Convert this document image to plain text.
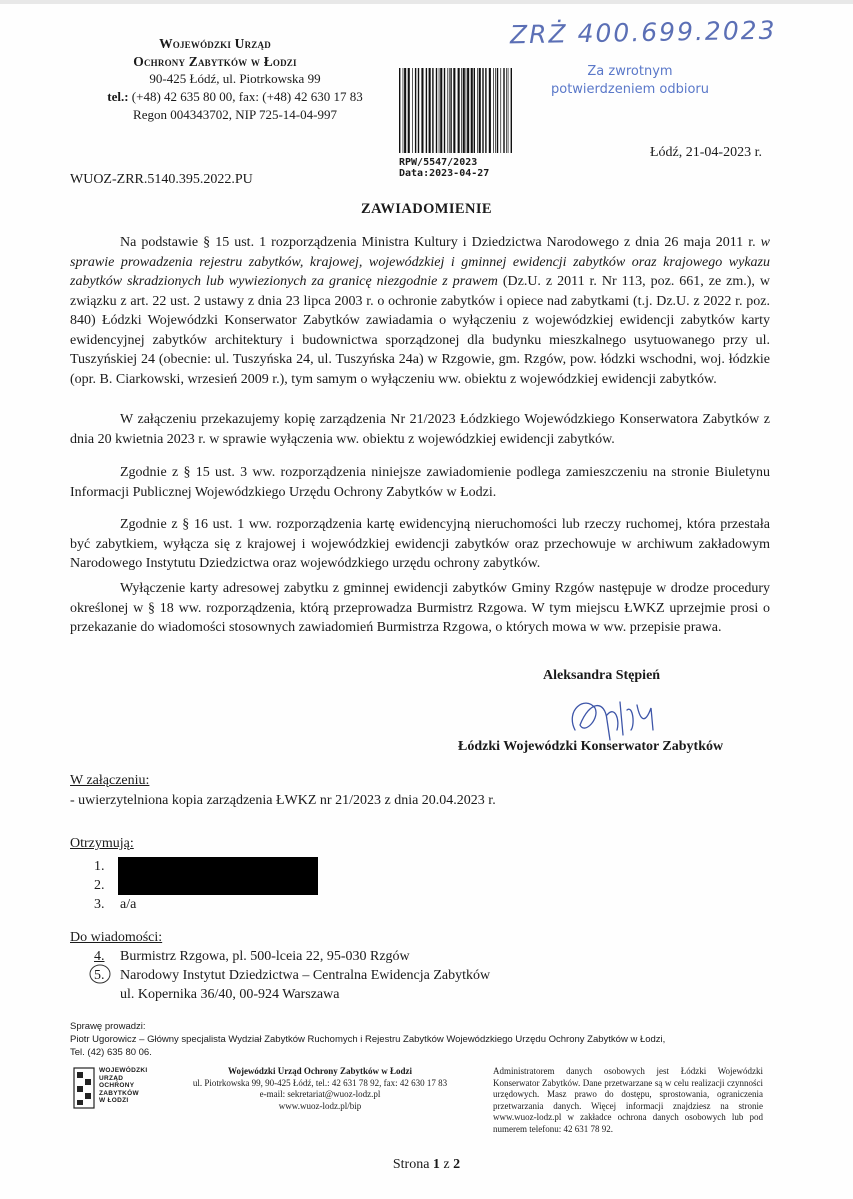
Wojewódzki Urząd
Ochrony Zabytków w Łodzi
90-425 Łódź, ul. Piotrkowska 99
tel.: (+48) 42 635 80 00, fax: (+48) 42 630 17 83
Regon 004343702, NIP 725-14-04-997
ZRŻ 400.699.2023
Za zwrotnym
potwierdzeniem odbioru
RPW/5547/2023
Data:2023-04-27
Łódź, 21-04-2023 r.
WUOZ-ZRR.5140.395.2022.PU
ZAWIADOMIENIE
Na podstawie § 15 ust. 1 rozporządzenia Ministra Kultury i Dziedzictwa Narodowego z dnia 26 maja 2011 r. w sprawie prowadzenia rejestru zabytków, krajowej, wojewódzkiej i gminnej ewidencji zabytków oraz krajowego wykazu zabytków skradzionych lub wywiezionych za granicę niezgodnie z prawem (Dz.U. z 2011 r. Nr 113, poz. 661, ze zm.), w związku z art. 22 ust. 2 ustawy z dnia 23 lipca 2003 r. o ochronie zabytków i opiece nad zabytkami (t.j. Dz.U. z 2022 r. poz. 840) Łódzki Wojewódzki Konserwator Zabytków zawiadamia o wyłączeniu z wojewódzkiej ewidencji zabytków karty ewidencyjnej zabytków architektury i budownictwa sporządzonej dla budynku mieszkalnego usytuowanego przy ul. Tuszyńskiej 24 (obecnie: ul. Tuszyńska 24, ul. Tuszyńska 24a) w Rzgowie, gm. Rzgów, pow. łódzki wschodni, woj. łódzkie (opr. B. Ciarkowski, wrzesień 2009 r.), tym samym o wyłączeniu ww. obiektu z wojewódzkiej ewidencji zabytków.
W załączeniu przekazujemy kopię zarządzenia Nr 21/2023 Łódzkiego Wojewódzkiego Konserwatora Zabytków z dnia 20 kwietnia 2023 r. w sprawie wyłączenia ww. obiektu z wojewódzkiej ewidencji zabytków.
Zgodnie z § 15 ust. 3 ww. rozporządzenia niniejsze zawiadomienie podlega zamieszczeniu na stronie Biuletynu Informacji Publicznej Wojewódzkiego Urzędu Ochrony Zabytków w Łodzi.
Zgodnie z § 16 ust. 1 ww. rozporządzenia kartę ewidencyjną nieruchomości lub rzeczy ruchomej, która przestała być zabytkiem, wyłącza się z krajowej i wojewódzkiej ewidencji zabytków oraz przechowuje w archiwum zakładowym Narodowego Instytutu Dziedzictwa oraz wojewódzkiego urzędu ochrony zabytków.
Wyłączenie karty adresowej zabytku z gminnej ewidencji zabytków Gminy Rzgów następuje w drodze procedury określonej w § 18 ww. rozporządzenia, którą przeprowadza Burmistrz Rzgowa. W tym miejscu ŁWKZ uprzejmie prosi o przekazanie do wiadomości stosownych zawiadomień Burmistrza Rzgowa, o których mowa w ww. przepisie prawa.
Aleksandra Stępień
Łódzki Wojewódzki Konserwator Zabytków
W załączeniu:
- uwierzytelniona kopia zarządzenia ŁWKZ nr 21/2023 z dnia 20.04.2023 r.
Otrzymują:
1.
2.
3. a/a
Do wiadomości:
4. Burmistrz Rzgowa, pl. 500-lceia 22, 95-030 Rzgów
5. Narodowy Instytut Dziedzictwa – Centralna Ewidencja Zabytków
ul. Kopernika 36/40, 00-924 Warszawa
Sprawę prowadzi:
Piotr Ugorowicz – Główny specjalista Wydział Zabytków Ruchomych i Rejestru Zabytków Wojewódzkiego Urzędu Ochrony Zabytków w Łodzi,
Tel. (42) 635 80 06.
WOJEWÓDZKI
URZĄD
OCHRONY
ZABYTKÓW
W ŁODZI
Wojewódzki Urząd Ochrony Zabytków w Łodzi
ul. Piotrkowska 99, 90-425 Łódź, tel.: 42 631 78 92, fax: 42 630 17 83
e-mail: sekretariat@wuoz-lodz.pl
www.wuoz-lodz.pl/bip
Administratorem danych osobowych jest Łódzki Wojewódzki Konserwator Zabytków. Dane przetwarzane są w celu realizacji czynności urzędowych. Masz prawo do dostępu, sprostowania, ograniczenia przetwarzania danych. Więcej informacji znajdziesz na stronie www.wuoz-lodz.pl w zakładce ochrona danych osobowych lub pod numerem telefonu: 42 631 78 92.
Strona 1 z 2
